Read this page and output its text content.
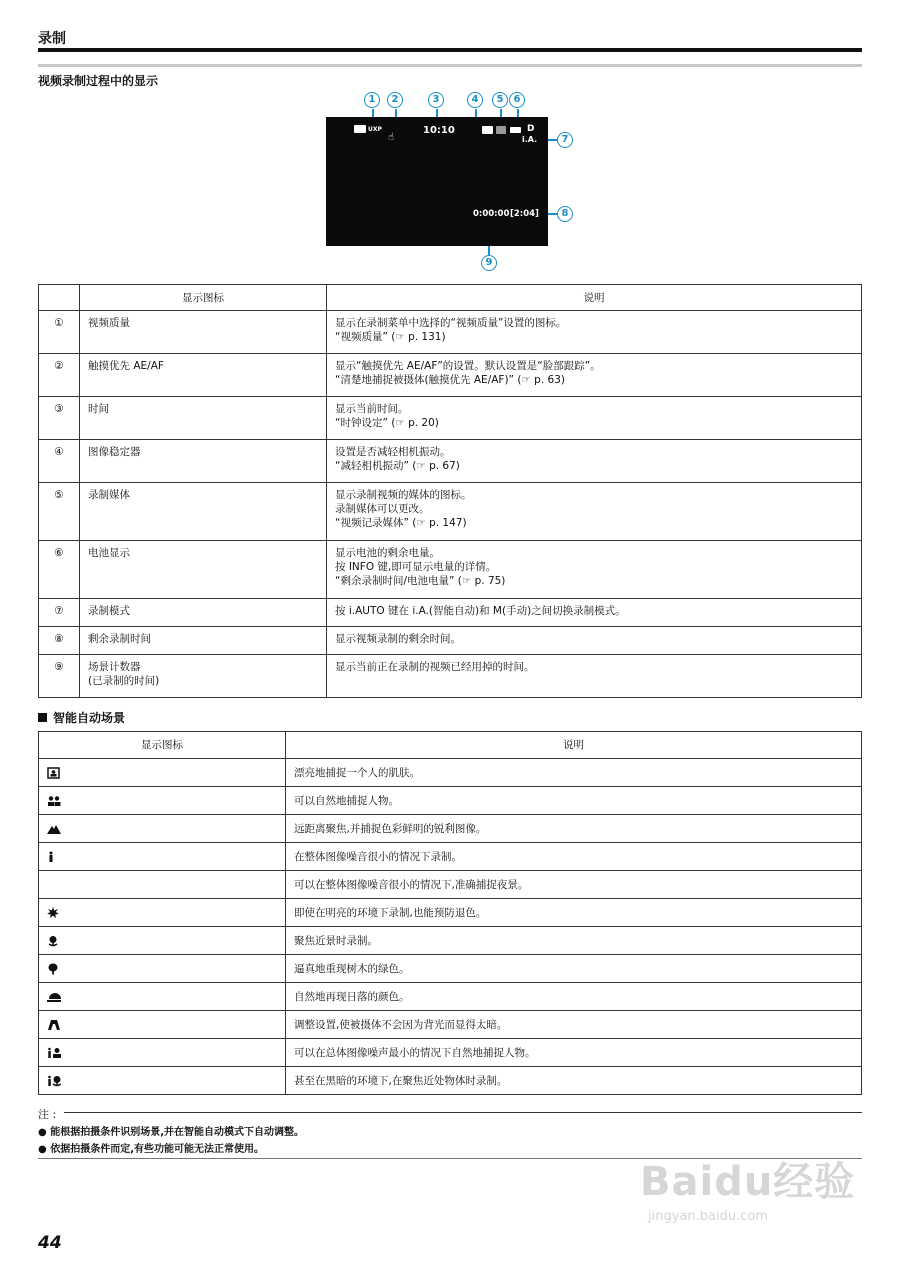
录制
视频录制过程中的显示
1	2	3	4	5	6
7
8
9
UXP
☝
10:10	D
i.A.
0:00:00 [2:04]
	显示图标	说明
①	视频质量	显示在录制菜单中选择的“视频质量”设置的图标。
“视频质量” (☞ p. 131)

②	触摸优先 AE/AF	显示“触摸优先 AE/AF”的设置。默认设置是“脸部跟踪”。
“清楚地捕捉被摄体(触摸优先 AE/AF)” (☞ p. 63)

③	时间	显示当前时间。
“时钟设定” (☞ p. 20)

④	图像稳定器	设置是否减轻相机振动。
“减轻相机振动” (☞ p. 67)

⑤	录制媒体	显示录制视频的媒体的图标。
录制媒体可以更改。
“视频记录媒体” (☞ p. 147)

⑥	电池显示	显示电池的剩余电量。
按 INFO 键,即可显示电量的详情。
“剩余录制时间/电池电量” (☞ p. 75)

⑦	录制模式	按 i.AUTO 键在 i.A.(智能自动)和 M(手动)之间切换录制模式。

⑧	剩余录制时间	显示视频录制的剩余时间。

⑨	场景计数器
(已录制的时间)	显示当前正在录制的视频已经用掉的时间。
智能自动场景
显示图标	说明
	漂亮地捕捉一个人的肌肤。
	可以自然地捕捉人物。
	远距离聚焦,并捕捉色彩鲜明的锐利图像。
	在整体图像噪音很小的情况下录制。
	可以在整体图像噪音很小的情况下,准确捕捉夜景。
	即使在明亮的环境下录制,也能预防退色。
	聚焦近景时录制。
	逼真地重现树木的绿色。
	自然地再现日落的颜色。
	调整设置,使被摄体不会因为背光而显得太暗。
	可以在总体图像噪声最小的情况下自然地捕捉人物。
	甚至在黑暗的环境下,在聚焦近处物体时录制。
注 :
● 能根据拍摄条件识别场景,并在智能自动模式下自动调整。
● 依据拍摄条件而定,有些功能可能无法正常使用。
Baidu经验
jingyan.baidu.com
44
